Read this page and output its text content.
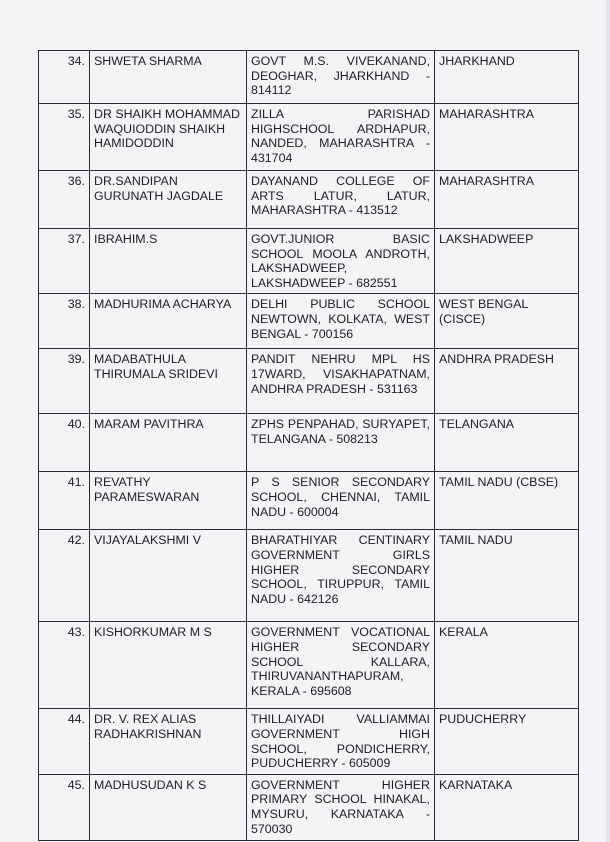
34.	SHWETA SHARMA	GOVT M.S. VIVEKANAND, DEOGHAR, JHARKHAND - 814112	JHARKHAND
35.	DR SHAIKH MOHAMMAD WAQUIODDIN SHAIKH HAMIDODDIN	ZILLA PARISHAD HIGHSCHOOL ARDHAPUR, NANDED, MAHARASHTRA - 431704	MAHARASHTRA
36.	DR.SANDIPAN GURUNATH JAGDALE	DAYANAND COLLEGE OF ARTS LATUR, LATUR, MAHARASHTRA - 413512	MAHARASHTRA
37.	IBRAHIM.S	GOVT.JUNIOR BASIC SCHOOL MOOLA ANDROTH, LAKSHADWEEP, LAKSHADWEEP - 682551	LAKSHADWEEP
38.	MADHURIMA ACHARYA	DELHI PUBLIC SCHOOL NEWTOWN, KOLKATA, WEST BENGAL - 700156	WEST BENGAL (CISCE)
39.	MADABATHULA THIRUMALA SRIDEVI	PANDIT NEHRU MPL HS 17WARD, VISAKHAPATNAM, ANDHRA PRADESH - 531163	ANDHRA PRADESH
40.	MARAM PAVITHRA	ZPHS PENPAHAD, SURYAPET, TELANGANA - 508213	TELANGANA
41.	REVATHY PARAMESWARAN	P S SENIOR SECONDARY SCHOOL, CHENNAI, TAMIL NADU - 600004	TAMIL NADU (CBSE)
42.	VIJAYALAKSHMI V	BHARATHIYAR CENTINARY GOVERNMENT GIRLS HIGHER SECONDARY SCHOOL, TIRUPPUR, TAMIL NADU - 642126	TAMIL NADU
43.	KISHORKUMAR M S	GOVERNMENT VOCATIONAL HIGHER SECONDARY SCHOOL KALLARA, THIRUVANANTHAPURAM, KERALA - 695608	KERALA
44.	DR. V. REX ALIAS RADHAKRISHNAN	THILLAIYADI VALLIAMMAI GOVERNMENT HIGH SCHOOL, PONDICHERRY, PUDUCHERRY - 605009	PUDUCHERRY
45.	MADHUSUDAN K S	GOVERNMENT HIGHER PRIMARY SCHOOL HINAKAL, MYSURU, KARNATAKA - 570030	KARNATAKA
